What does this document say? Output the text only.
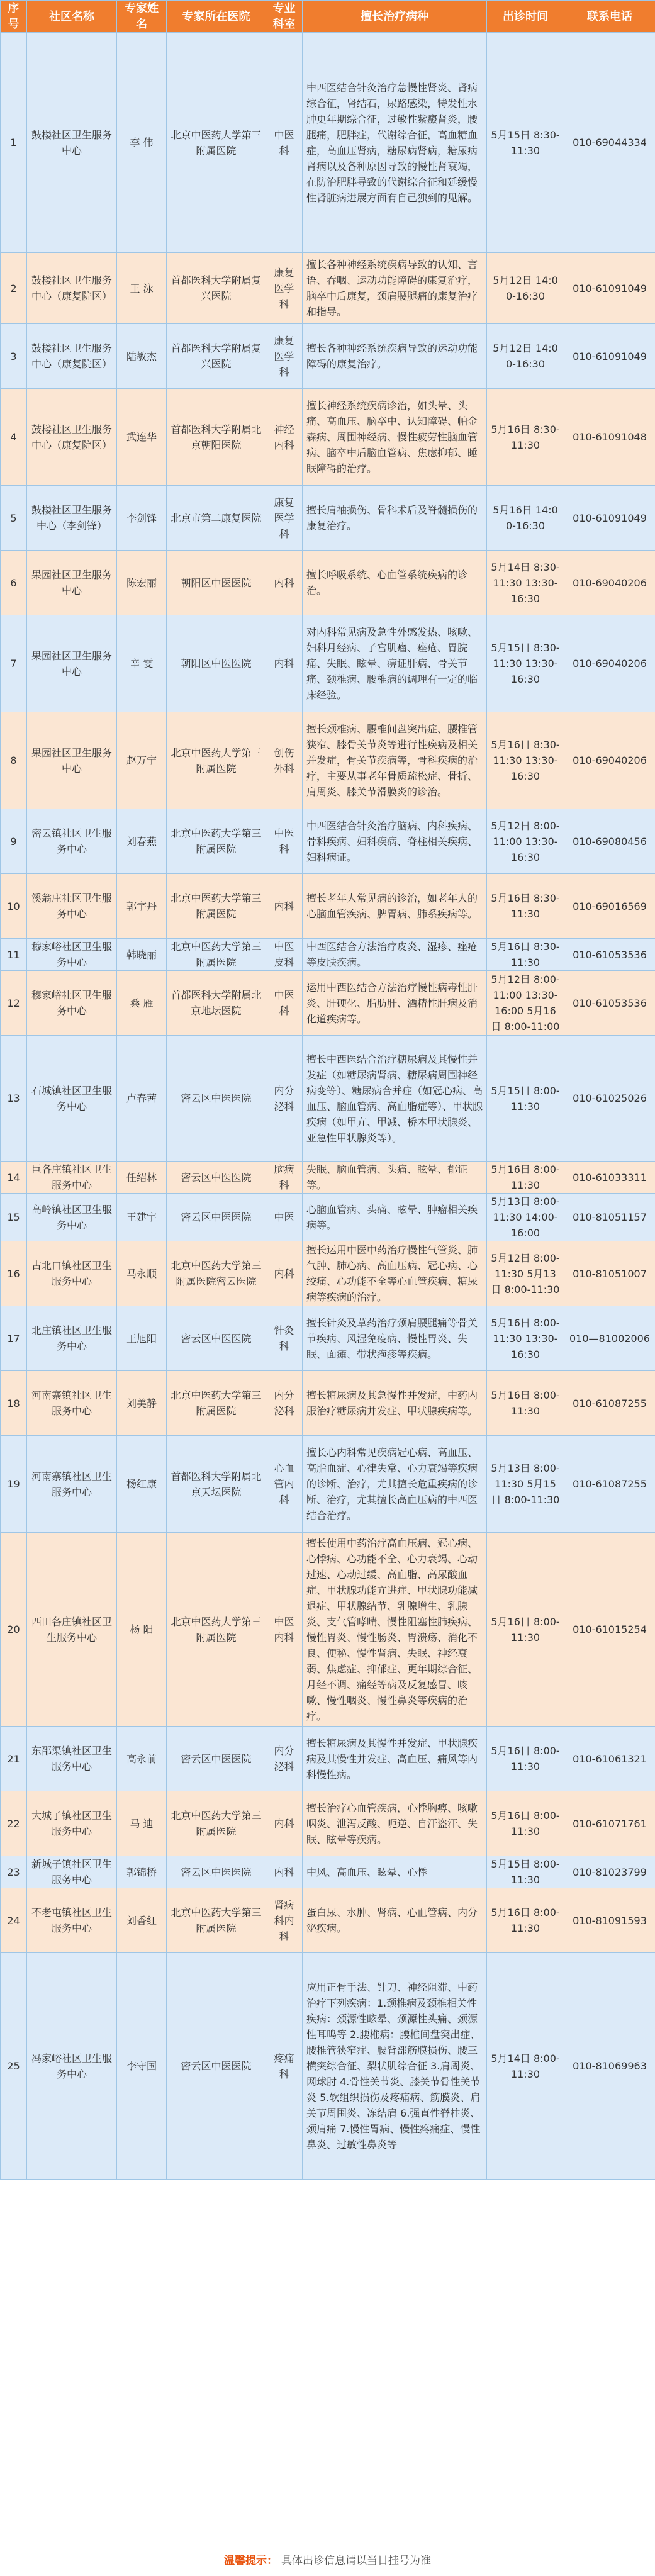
序号	社区名称	专家姓名	专家所在医院	专业科室	擅长治疗病种	出诊时间	联系电话
1	鼓楼社区卫生服务中心	李 伟	北京中医药大学第三附属医院	中医科	中西医结合针灸治疗急慢性肾炎、肾病综合征，肾结石，尿路感染，特发性水肿更年期综合征，过敏性紫癜肾炎，腰腿痛，肥胖症，代谢综合征，高血糖血症，高血压肾病，糖尿病肾病，糖尿病肾病以及各种原因导致的慢性肾衰竭，在防治肥胖导致的代谢综合征和延缓慢性肾脏病进展方面有自己独到的见解。	5月15日 8:30-11:30	010-69044334
2	鼓楼社区卫生服务中心（康复院区）	王 泳	首都医科大学附属复兴医院	康复医学科	擅长各种神经系统疾病导致的认知、言语、吞咽、运动功能障碍的康复治疗，脑卒中后康复，颈肩腰腿痛的康复治疗和指导。	5月12日 14:00-16:30	010-61091049
3	鼓楼社区卫生服务中心（康复院区）	陆敏杰	首都医科大学附属复兴医院	康复医学科	擅长各种神经系统疾病导致的运动功能障碍的康复治疗。	5月12日 14:00-16:30	010-61091049
4	鼓楼社区卫生服务中心（康复院区）	武连华	首都医科大学附属北京朝阳医院	神经内科	擅长神经系统疾病诊治，如头晕、头痛、高血压、脑卒中、认知障碍、帕金森病、周围神经病、慢性疲劳性脑血管病、脑卒中后脑血管病、焦虑抑郁、睡眠障碍的治疗。	5月16日 8:30-11:30	010-61091048
5	鼓楼社区卫生服务中心（李剑锋）	李剑锋	北京市第二康复医院	康复医学科	擅长肩袖损伤、骨科术后及脊髓损伤的康复治疗。	5月16日 14:00-16:30	010-61091049
6	果园社区卫生服务中心	陈宏丽	朝阳区中医医院	内科	擅长呼吸系统、心血管系统疾病的诊治。	5月14日 8:30-11:30 13:30-16:30	010-69040206
7	果园社区卫生服务中心	辛 雯	朝阳区中医医院	内科	对内科常见病及急性外感发热、咳嗽、妇科月经病、子宫肌瘤、痤疮、胃脘痛、失眠、眩晕、痹证肝病、骨关节痛、颈椎病、腰椎病的调理有一定的临床经验。	5月15日 8:30-11:30 13:30-16:30	010-69040206
8	果园社区卫生服务中心	赵万宁	北京中医药大学第三附属医院	创伤外科	擅长颈椎病、腰椎间盘突出症、腰椎管狭窄、膝骨关节炎等进行性疾病及相关并发症，骨关节疾病等，骨科疾病的治疗，主要从事老年骨质疏松症、骨折、肩周炎、膝关节滑膜炎的诊治。	5月16日 8:30-11:30 13:30-16:30	010-69040206
9	密云镇社区卫生服务中心	刘春燕	北京中医药大学第三附属医院	中医科	中西医结合针灸治疗脑病、内科疾病、骨科疾病、妇科疾病、脊柱相关疾病、妇科病证。	5月12日 8:00-11:00 13:30-16:30	010-69080456
10	溪翁庄社区卫生服务中心	郭宇丹	北京中医药大学第三附属医院	内科	擅长老年人常见病的诊治，如老年人的心脑血管疾病、脾胃病、肺系疾病等。	5月16日 8:30-11:30	010-69016569
11	穆家峪社区卫生服务中心	韩晓丽	北京中医药大学第三附属医院	中医皮科	中西医结合方法治疗皮炎、湿疹、痤疮等皮肤疾病。	5月16日 8:30-11:30	010-61053536
12	穆家峪社区卫生服务中心	桑 雁	首都医科大学附属北京地坛医院	中医科	运用中西医结合方法治疗慢性病毒性肝炎、肝硬化、脂肪肝、酒精性肝病及消化道疾病等。	5月12日 8:00-11:00 13:30-16:00 5月16日 8:00-11:00	010-61053536
13	石城镇社区卫生服务中心	卢春茜	密云区中医医院	内分泌科	擅长中西医结合治疗糖尿病及其慢性并发症（如糖尿病肾病、糖尿病周围神经病变等）、糖尿病合并症（如冠心病、高血压、脑血管病、高血脂症等）、甲状腺疾病（如甲亢、甲减、桥本甲状腺炎、亚急性甲状腺炎等）。	5月15日 8:00-11:30	010-61025026
14	巨各庄镇社区卫生服务中心	任绍林	密云区中医医院	脑病科	失眠、脑血管病、头痛、眩晕、郁证等。	5月16日 8:00-11:30	010-61033311
15	高岭镇社区卫生服务中心	王建宇	密云区中医医院	中医	心脑血管病、头痛、眩晕、肿瘤相关疾病等。	5月13日 8:00-11:30 14:00-16:00	010-81051157
16	古北口镇社区卫生服务中心	马永顺	北京中医药大学第三附属医院密云医院	内科	擅长运用中医中药治疗慢性气管炎、肺气肿、肺心病、高血压病、冠心病、心绞痛、心功能不全等心血管疾病、糖尿病等疾病的治疗。	5月12日 8:00-11:30 5月13日 8:00-11:30	010-81051007
17	北庄镇社区卫生服务中心	王旭阳	密云区中医医院	针灸科	擅长针灸及草药治疗颈肩腰腿痛等骨关节疾病、风湿免疫病、慢性胃炎、失眠、面瘫、带状疱疹等疾病。	5月16日 8:00-11:30 13:30-16:30	010—81002006
18	河南寨镇社区卫生服务中心	刘美静	北京中医药大学第三附属医院	内分泌科	擅长糖尿病及其急慢性并发症，中药内服治疗糖尿病并发症、甲状腺疾病等。	5月16日 8:00-11:30	010-61087255
19	河南寨镇社区卫生服务中心	杨红康	首都医科大学附属北京天坛医院	心血管内科	擅长心内科常见疾病冠心病、高血压、高脂血症、心律失常、心力衰竭等疾病的诊断、治疗，尤其擅长危重疾病的诊断、治疗，尤其擅长高血压病的中西医结合治疗。	5月13日 8:00-11:30 5月15日 8:00-11:30	010-61087255
20	西田各庄镇社区卫生服务中心	杨 阳	北京中医药大学第三附属医院	中医内科	擅长使用中药治疗高血压病、冠心病、心悸病、心功能不全、心力衰竭、心动过速、心动过缓、高血脂、高尿酸血症、甲状腺功能亢进症、甲状腺功能减退症、甲状腺结节、乳腺增生、乳腺炎、支气管哮喘、慢性阻塞性肺疾病、慢性胃炎、慢性肠炎、胃溃疡、消化不良、便秘、慢性肾病、失眠、神经衰弱、焦虑症、抑郁症、更年期综合征、月经不调、痛经等病及反复感冒、咳嗽、慢性咽炎、慢性鼻炎等疾病的治疗。	5月16日 8:00-11:30	010-61015254
21	东邵渠镇社区卫生服务中心	高永前	密云区中医医院	内分泌科	擅长糖尿病及其慢性并发症、甲状腺疾病及其慢性并发症、高血压、痛风等内科慢性病。	5月16日 8:00-11:30	010-61061321
22	大城子镇社区卫生服务中心	马 迪	北京中医药大学第三附属医院	内科	擅长治疗心血管疾病，心悸胸痹、咳嗽咽炎、泄泻反酸、呃逆、自汗盗汗、失眠、眩晕等疾病。	5月16日 8:00-11:30	010-61071761
23	新城子镇社区卫生服务中心	郭锦桥	密云区中医医院	内科	中风、高血压、眩晕、心悸	5月15日 8:00-11:30	010-81023799
24	不老屯镇社区卫生服务中心	刘香红	北京中医药大学第三附属医院	肾病科内科	蛋白尿、水肿、肾病、心血管病、内分泌疾病。	5月16日 8:00-11:30	010-81091593
25	冯家峪社区卫生服务中心	李守国	密云区中医医院	疼痛科	应用正骨手法、针刀、神经阻滞、中药治疗下列疾病：1.颈椎病及颈椎相关性疾病：颈源性眩晕、颈源性头痛、颈源性耳鸣等 2.腰椎病：腰椎间盘突出症、腰椎管狭窄症、腰背部筋膜损伤、腰三横突综合征、梨状肌综合征 3.肩周炎、网球肘 4.骨性关节炎、膝关节骨性关节炎 5.软组织损伤及疼痛病、筋膜炎、肩关节周围炎、冻结肩 6.强直性脊柱炎、颈肩痛 7.慢性胃病、慢性疼痛症、慢性鼻炎、过敏性鼻炎等	5月14日 8:00-11:30	010-81069963
温馨提示： 具体出诊信息请以当日挂号为准
